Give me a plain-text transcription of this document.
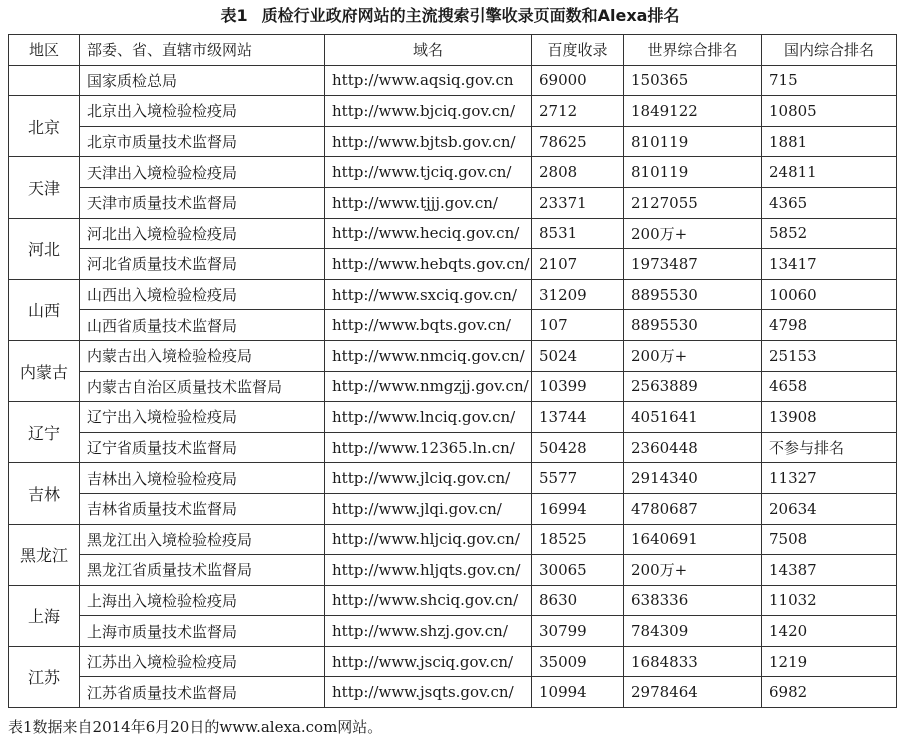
表1 质检行业政府网站的主流搜索引擎收录页面数和Alexa排名
地区	部委、省、直辖市级网站	域名	百度收录	世界综合排名	国内综合排名
	国家质检总局	http://www.aqsiq.gov.cn	69000	150365	715
北京	北京出入境检验检疫局	http://www.bjciq.gov.cn/	2712	1849122	10805
	北京市质量技术监督局	http://www.bjtsb.gov.cn/	78625	810119	1881
天津	天津出入境检验检疫局	http://www.tjciq.gov.cn/	2808	810119	24811
	天津市质量技术监督局	http://www.tjjj.gov.cn/	23371	2127055	4365
河北	河北出入境检验检疫局	http://www.heciq.gov.cn/	8531	200万+	5852
	河北省质量技术监督局	http://www.hebqts.gov.cn/	2107	1973487	13417
山西	山西出入境检验检疫局	http://www.sxciq.gov.cn/	31209	8895530	10060
	山西省质量技术监督局	http://www.bqts.gov.cn/	107	8895530	4798
内蒙古	内蒙古出入境检验检疫局	http://www.nmciq.gov.cn/	5024	200万+	25153
	内蒙古自治区质量技术监督局	http://www.nmgzjj.gov.cn/	10399	2563889	4658
辽宁	辽宁出入境检验检疫局	http://www.lnciq.gov.cn/	13744	4051641	13908
	辽宁省质量技术监督局	http://www.12365.ln.cn/	50428	2360448	不参与排名
吉林	吉林出入境检验检疫局	http://www.jlciq.gov.cn/	5577	2914340	11327
	吉林省质量技术监督局	http://www.jlqi.gov.cn/	16994	4780687	20634
黑龙江	黑龙江出入境检验检疫局	http://www.hljciq.gov.cn/	18525	1640691	7508
	黑龙江省质量技术监督局	http://www.hljqts.gov.cn/	30065	200万+	14387
上海	上海出入境检验检疫局	http://www.shciq.gov.cn/	8630	638336	11032
	上海市质量技术监督局	http://www.shzj.gov.cn/	30799	784309	1420
江苏	江苏出入境检验检疫局	http://www.jsciq.gov.cn/	35009	1684833	1219
	江苏省质量技术监督局	http://www.jsqts.gov.cn/	10994	2978464	6982
表1数据来自2014年6月20日的www.alexa.com网站。
